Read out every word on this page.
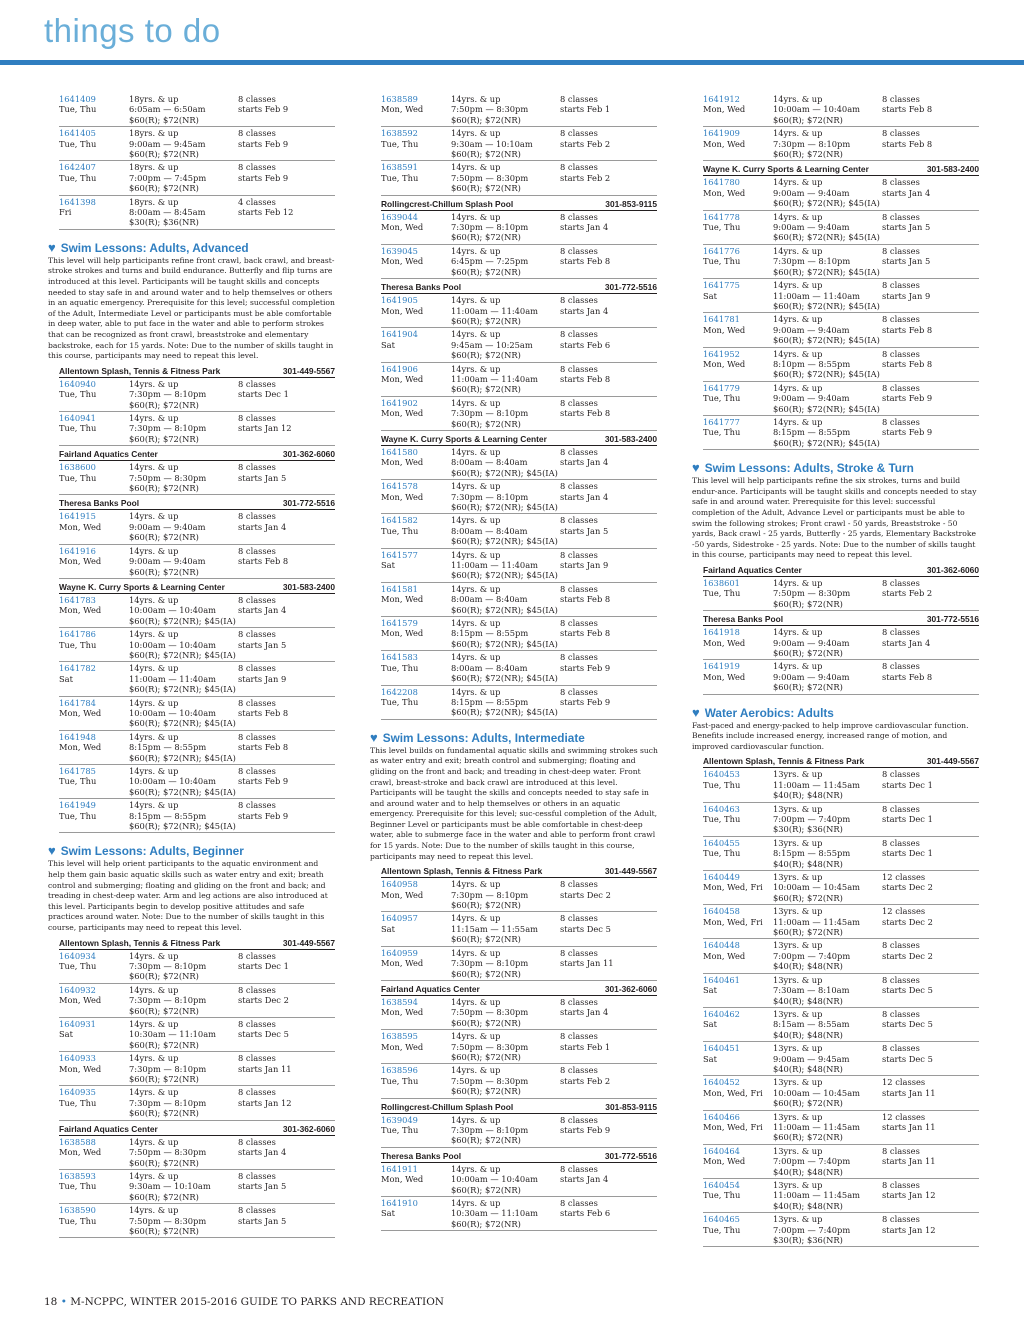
things to do
1641409	18yrs. & up	8 classes
Tue, Thu	6:05am — 6:50am	starts Feb 9
$60(R); $72(NR)
1641405	18yrs. & up	8 classes
Tue, Thu	9:00am — 9:45am	starts Feb 9
$60(R); $72(NR)
1642407	18yrs. & up	8 classes
Tue, Thu	7:00pm — 7:45pm	starts Feb 9
$60(R); $72(NR)
1641398	18yrs. & up	4 classes
Fri	8:00am — 8:45am	starts Feb 12
$30(R); $36(NR)
♥ Swim Lessons: Adults, Advanced
This level will help participants refine front crawl, back crawl, and breast-stroke strokes and turns and build endurance. Butterfly and flip turns are introduced at this level. Participants will be taught skills and concepts needed to stay safe in and around water and to help themselves or others in an aquatic emergency. Prerequisite for this level; successful completion of the Adult, Intermediate Level or participants must be able comfortable in deep water, able to put face in the water and able to perform strokes that can be recognized as front crawl, breaststroke and elementary backstroke, each for 15 yards. Note: Due to the number of skills taught in this course, participants may need to repeat this level.
Allentown Splash, Tennis & Fitness Park	301-449-5567
1640940	14yrs. & up	8 classes
Tue, Thu	7:30pm — 8:10pm	starts Dec 1
$60(R); $72(NR)
1640941	14yrs. & up	8 classes
Tue, Thu	7:30pm — 8:10pm	starts Jan 12
$60(R); $72(NR)
Fairland Aquatics Center	301-362-6060
1638600	14yrs. & up	8 classes
Tue, Thu	7:50pm — 8:30pm	starts Jan 5
$60(R); $72(NR)
Theresa Banks Pool	301-772-5516
1641915	14yrs. & up	8 classes
Mon, Wed	9:00am — 9:40am	starts Jan 4
$60(R); $72(NR)
1641916	14yrs. & up	8 classes
Mon, Wed	9:00am — 9:40am	starts Feb 8
$60(R); $72(NR)
Wayne K. Curry Sports & Learning Center	301-583-2400
1641783	14yrs. & up	8 classes
Mon, Wed	10:00am — 10:40am	starts Jan 4
$60(R); $72(NR); $45(IA)
1641786	14yrs. & up	8 classes
Tue, Thu	10:00am — 10:40am	starts Jan 5
$60(R); $72(NR); $45(IA)
1641782	14yrs. & up	8 classes
Sat	11:00am — 11:40am	starts Jan 9
$60(R); $72(NR); $45(IA)
1641784	14yrs. & up	8 classes
Mon, Wed	10:00am — 10:40am	starts Feb 8
$60(R); $72(NR); $45(IA)
1641948	14yrs. & up	8 classes
Mon, Wed	8:15pm — 8:55pm	starts Feb 8
$60(R); $72(NR); $45(IA)
1641785	14yrs. & up	8 classes
Tue, Thu	10:00am — 10:40am	starts Feb 9
$60(R); $72(NR); $45(IA)
1641949	14yrs. & up	8 classes
Tue, Thu	8:15pm — 8:55pm	starts Feb 9
$60(R); $72(NR); $45(IA)
♥ Swim Lessons: Adults, Beginner
This level will help orient participants to the aquatic environment and help them gain basic aquatic skills such as water entry and exit; breath control and submerging; floating and gliding on the front and back; and treading in chest-deep water. Arm and leg actions are also introduced at this level. Participants begin to develop positive attitudes and safe practices around water. Note: Due to the number of skills taught in this course, participants may need to repeat this level.
Allentown Splash, Tennis & Fitness Park	301-449-5567
1640934	14yrs. & up	8 classes
Tue, Thu	7:30pm — 8:10pm	starts Dec 1
$60(R); $72(NR)
1640932	14yrs. & up	8 classes
Mon, Wed	7:30pm — 8:10pm	starts Dec 2
$60(R); $72(NR)
1640931	14yrs. & up	8 classes
Sat	10:30am — 11:10am	starts Dec 5
$60(R); $72(NR)
1640933	14yrs. & up	8 classes
Mon, Wed	7:30pm — 8:10pm	starts Jan 11
$60(R); $72(NR)
1640935	14yrs. & up	8 classes
Tue, Thu	7:30pm — 8:10pm	starts Jan 12
$60(R); $72(NR)
Fairland Aquatics Center	301-362-6060
1638588	14yrs. & up	8 classes
Mon, Wed	7:50pm — 8:30pm	starts Jan 4
$60(R); $72(NR)
1638593	14yrs. & up	8 classes
Tue, Thu	9:30am — 10:10am	starts Jan 5
$60(R); $72(NR)
1638590	14yrs. & up	8 classes
Tue, Thu	7:50pm — 8:30pm	starts Jan 5
$60(R); $72(NR)
1638589	14yrs. & up	8 classes
Mon, Wed	7:50pm — 8:30pm	starts Feb 1
$60(R); $72(NR)
1638592	14yrs. & up	8 classes
Tue, Thu	9:30am — 10:10am	starts Feb 2
$60(R); $72(NR)
1638591	14yrs. & up	8 classes
Tue, Thu	7:50pm — 8:30pm	starts Feb 2
$60(R); $72(NR)
Rollingcrest-Chillum Splash Pool	301-853-9115
1639044	14yrs. & up	8 classes
Mon, Wed	7:30pm — 8:10pm	starts Jan 4
$60(R); $72(NR)
1639045	14yrs. & up	8 classes
Mon, Wed	6:45pm — 7:25pm	starts Feb 8
$60(R); $72(NR)
Theresa Banks Pool	301-772-5516
1641905	14yrs. & up	8 classes
Mon, Wed	11:00am — 11:40am	starts Jan 4
$60(R); $72(NR)
1641904	14yrs. & up	8 classes
Sat	9:45am — 10:25am	starts Feb 6
$60(R); $72(NR)
1641906	14yrs. & up	8 classes
Mon, Wed	11:00am — 11:40am	starts Feb 8
$60(R); $72(NR)
1641902	14yrs. & up	8 classes
Mon, Wed	7:30pm — 8:10pm	starts Feb 8
$60(R); $72(NR)
Wayne K. Curry Sports & Learning Center	301-583-2400
1641580	14yrs. & up	8 classes
Mon, Wed	8:00am — 8:40am	starts Jan 4
$60(R); $72(NR); $45(IA)
1641578	14yrs. & up	8 classes
Mon, Wed	7:30pm — 8:10pm	starts Jan 4
$60(R); $72(NR); $45(IA)
1641582	14yrs. & up	8 classes
Tue, Thu	8:00am — 8:40am	starts Jan 5
$60(R); $72(NR); $45(IA)
1641577	14yrs. & up	8 classes
Sat	11:00am — 11:40am	starts Jan 9
$60(R); $72(NR); $45(IA)
1641581	14yrs. & up	8 classes
Mon, Wed	8:00am — 8:40am	starts Feb 8
$60(R); $72(NR); $45(IA)
1641579	14yrs. & up	8 classes
Mon, Wed	8:15pm — 8:55pm	starts Feb 8
$60(R); $72(NR); $45(IA)
1641583	14yrs. & up	8 classes
Tue, Thu	8:00am — 8:40am	starts Feb 9
$60(R); $72(NR); $45(IA)
1642208	14yrs. & up	8 classes
Tue, Thu	8:15pm — 8:55pm	starts Feb 9
$60(R); $72(NR); $45(IA)
♥ Swim Lessons: Adults, Intermediate
This level builds on fundamental aquatic skills and swimming strokes such as water entry and exit; breath control and submerging; floating and gliding on the front and back; and treading in chest-deep water. Front crawl, breast-stroke and back crawl are introduced at this level. Participants will be taught the skills and concepts needed to stay safe in and around water and to help themselves or others in an aquatic emergency. Prerequisite for this level; suc-cessful completion of the Adult, Beginner Level or participants must be able comfortable in chest-deep water, able to submerge face in the water and able to perform front crawl for 15 yards. Note: Due to the number of skills taught in this course, participants may need to repeat this level.
Allentown Splash, Tennis & Fitness Park	301-449-5567
1640958	14yrs. & up	8 classes
Mon, Wed	7:30pm — 8:10pm	starts Dec 2
$60(R); $72(NR)
1640957	14yrs. & up	8 classes
Sat	11:15am — 11:55am	starts Dec 5
$60(R); $72(NR)
1640959	14yrs. & up	8 classes
Mon, Wed	7:30pm — 8:10pm	starts Jan 11
$60(R); $72(NR)
Fairland Aquatics Center	301-362-6060
1638594	14yrs. & up	8 classes
Mon, Wed	7:50pm — 8:30pm	starts Jan 4
$60(R); $72(NR)
1638595	14yrs. & up	8 classes
Mon, Wed	7:50pm — 8:30pm	starts Feb 1
$60(R); $72(NR)
1638596	14yrs. & up	8 classes
Tue, Thu	7:50pm — 8:30pm	starts Feb 2
$60(R); $72(NR)
Rollingcrest-Chillum Splash Pool	301-853-9115
1639049	14yrs. & up	8 classes
Tue, Thu	7:30pm — 8:10pm	starts Feb 9
$60(R); $72(NR)
Theresa Banks Pool	301-772-5516
1641911	14yrs. & up	8 classes
Mon, Wed	10:00am — 10:40am	starts Jan 4
$60(R); $72(NR)
1641910	14yrs. & up	8 classes
Sat	10:30am — 11:10am	starts Feb 6
$60(R); $72(NR)
1641912	14yrs. & up	8 classes
Mon, Wed	10:00am — 10:40am	starts Feb 8
$60(R); $72(NR)
1641909	14yrs. & up	8 classes
Mon, Wed	7:30pm — 8:10pm	starts Feb 8
$60(R); $72(NR)
Wayne K. Curry Sports & Learning Center	301-583-2400
1641780	14yrs. & up	8 classes
Mon, Wed	9:00am — 9:40am	starts Jan 4
$60(R); $72(NR); $45(IA)
1641778	14yrs. & up	8 classes
Tue, Thu	9:00am — 9:40am	starts Jan 5
$60(R); $72(NR); $45(IA)
1641776	14yrs. & up	8 classes
Tue, Thu	7:30pm — 8:10pm	starts Jan 5
$60(R); $72(NR); $45(IA)
1641775	14yrs. & up	8 classes
Sat	11:00am — 11:40am	starts Jan 9
$60(R); $72(NR); $45(IA)
1641781	14yrs. & up	8 classes
Mon, Wed	9:00am — 9:40am	starts Feb 8
$60(R); $72(NR); $45(IA)
1641952	14yrs. & up	8 classes
Mon, Wed	8:10pm — 8:55pm	starts Feb 8
$60(R); $72(NR); $45(IA)
1641779	14yrs. & up	8 classes
Tue, Thu	9:00am — 9:40am	starts Feb 9
$60(R); $72(NR); $45(IA)
1641777	14yrs. & up	8 classes
Tue, Thu	8:15pm — 8:55pm	starts Feb 9
$60(R); $72(NR); $45(IA)
♥ Swim Lessons: Adults, Stroke & Turn
This level will help participants refine the six strokes, turns and build endur-ance. Participants will be taught skills and concepts needed to stay safe in and around water. Prerequisite for this level: successful completion of the Adult, Advance Level or participants must be able to swim the following strokes; Front crawl - 50 yards, Breaststroke - 50 yards, Back crawl - 25 yards, Butterfly - 25 yards, Elementary Backstroke -50 yards, Sidestroke - 25 yards. Note: Due to the number of skills taught in this course, participants may need to repeat this level.
Fairland Aquatics Center	301-362-6060
1638601	14yrs. & up	8 classes
Tue, Thu	7:50pm — 8:30pm	starts Feb 2
$60(R); $72(NR)
Theresa Banks Pool	301-772-5516
1641918	14yrs. & up	8 classes
Mon, Wed	9:00am — 9:40am	starts Jan 4
$60(R); $72(NR)
1641919	14yrs. & up	8 classes
Mon, Wed	9:00am — 9:40am	starts Feb 8
$60(R); $72(NR)
♥ Water Aerobics: Adults
Fast-paced and energy-packed to help improve cardiovascular function. Benefits include increased energy, increased range of motion, and improved cardiovascular function.
Allentown Splash, Tennis & Fitness Park	301-449-5567
1640453	13yrs. & up	8 classes
Tue, Thu	11:00am — 11:45am	starts Dec 1
$40(R); $48(NR)
1640463	13yrs. & up	8 classes
Tue, Thu	7:00pm — 7:40pm	starts Dec 1
$30(R); $36(NR)
1640455	13yrs. & up	8 classes
Tue, Thu	8:15pm — 8:55pm	starts Dec 1
$40(R); $48(NR)
1640449	13yrs. & up	12 classes
Mon, Wed, Fri	10:00am — 10:45am	starts Dec 2
$60(R); $72(NR)
1640458	13yrs. & up	12 classes
Mon, Wed, Fri	11:00am — 11:45am	starts Dec 2
$60(R); $72(NR)
1640448	13yrs. & up	8 classes
Mon, Wed	7:00pm — 7:40pm	starts Dec 2
$40(R); $48(NR)
1640461	13yrs. & up	8 classes
Sat	7:30am — 8:10am	starts Dec 5
$40(R); $48(NR)
1640462	13yrs. & up	8 classes
Sat	8:15am — 8:55am	starts Dec 5
$40(R); $48(NR)
1640451	13yrs. & up	8 classes
Sat	9:00am — 9:45am	starts Dec 5
$40(R); $48(NR)
1640452	13yrs. & up	12 classes
Mon, Wed, Fri	10:00am — 10:45am	starts Jan 11
$60(R); $72(NR)
1640466	13yrs. & up	12 classes
Mon, Wed, Fri	11:00am — 11:45am	starts Jan 11
$60(R); $72(NR)
1640464	13yrs. & up	8 classes
Mon, Wed	7:00pm — 7:40pm	starts Jan 11
$40(R); $48(NR)
1640454	13yrs. & up	8 classes
Tue, Thu	11:00am — 11:45am	starts Jan 12
$40(R); $48(NR)
1640465	13yrs. & up	8 classes
Tue, Thu	7:00pm — 7:40pm	starts Jan 12
$30(R); $36(NR)
18 • M-NCPPC, WINTER 2015-2016 GUIDE TO PARKS AND RECREATION
